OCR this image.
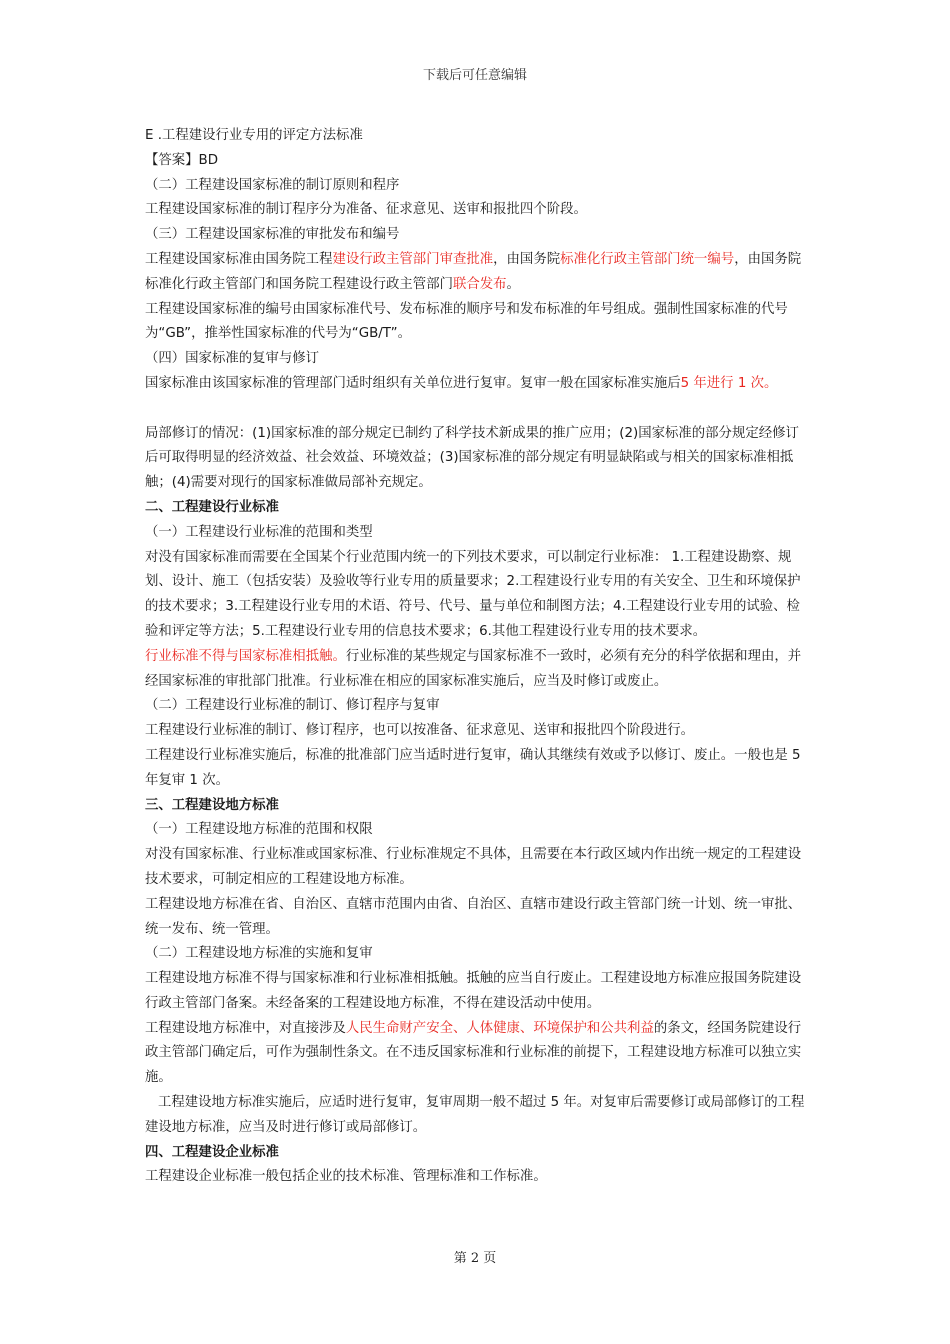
下载后可任意编辑

E .工程建设行业专用的评定方法标准

【答案】BD

（二）工程建设国家标准的制订原则和程序

工程建设国家标准的制订程序分为准备、征求意见、送审和报批四个阶段。

（三）工程建设国家标准的审批发布和编号

工程建设国家标准由国务院工程建设行政主管部门审查批准，由国务院标准化行政主管部门统一编号，由国务院标准化行政主管部门和国务院工程建设行政主管部门联合发布。

工程建设国家标准的编号由国家标准代号、发布标准的顺序号和发布标准的年号组成。强制性国家标准的代号为“GB”，推举性国家标准的代号为“GB/T”。

（四）国家标准的复审与修订

国家标准由该国家标准的管理部门适时组织有关单位进行复审。复审一般在国家标准实施后5 年进行 1 次。

局部修订的情况：(1)国家标准的部分规定已制约了科学技术新成果的推广应用；(2)国家标准的部分规定经修订后可取得明显的经济效益、社会效益、环境效益；(3)国家标准的部分规定有明显缺陷或与相关的国家标准相抵触；(4)需要对现行的国家标准做局部补充规定。

二、工程建设行业标准

（一）工程建设行业标准的范围和类型

对没有国家标准而需要在全国某个行业范围内统一的下列技术要求，可以制定行业标准： 1.工程建设勘察、规划、设计、施工（包括安装）及验收等行业专用的质量要求；2.工程建设行业专用的有关安全、卫生和环境保护的技术要求；3.工程建设行业专用的术语、符号、代号、量与单位和制图方法；4.工程建设行业专用的试验、检验和评定等方法；5.工程建设行业专用的信息技术要求；6.其他工程建设行业专用的技术要求。

行业标准不得与国家标准相抵触。行业标准的某些规定与国家标准不一致时，必须有充分的科学依据和理由，并经国家标准的审批部门批准。行业标准在相应的国家标准实施后，应当及时修订或废止。

（二）工程建设行业标准的制订、修订程序与复审

工程建设行业标准的制订、修订程序，也可以按准备、征求意见、送审和报批四个阶段进行。

工程建设行业标准实施后，标准的批准部门应当适时进行复审，确认其继续有效或予以修订、废止。一般也是 5 年复审 1 次。

三、工程建设地方标准

（一）工程建设地方标准的范围和权限

对没有国家标准、行业标准或国家标准、行业标准规定不具体，且需要在本行政区域内作出统一规定的工程建设技术要求，可制定相应的工程建设地方标准。

工程建设地方标准在省、自治区、直辖市范围内由省、自治区、直辖市建设行政主管部门统一计划、统一审批、统一发布、统一管理。

（二）工程建设地方标准的实施和复审

工程建设地方标准不得与国家标准和行业标准相抵触。抵触的应当自行废止。工程建设地方标准应报国务院建设行政主管部门备案。未经备案的工程建设地方标准，不得在建设活动中使用。

工程建设地方标准中，对直接涉及人民生命财产安全、人体健康、环境保护和公共利益的条文，经国务院建设行政主管部门确定后，可作为强制性条文。在不违反国家标准和行业标准的前提下，工程建设地方标准可以独立实施。

工程建设地方标准实施后，应适时进行复审，复审周期一般不超过 5 年。对复审后需要修订或局部修订的工程建设地方标准，应当及时进行修订或局部修订。

四、工程建设企业标准

工程建设企业标准一般包括企业的技术标准、管理标准和工作标准。

第 2 页
